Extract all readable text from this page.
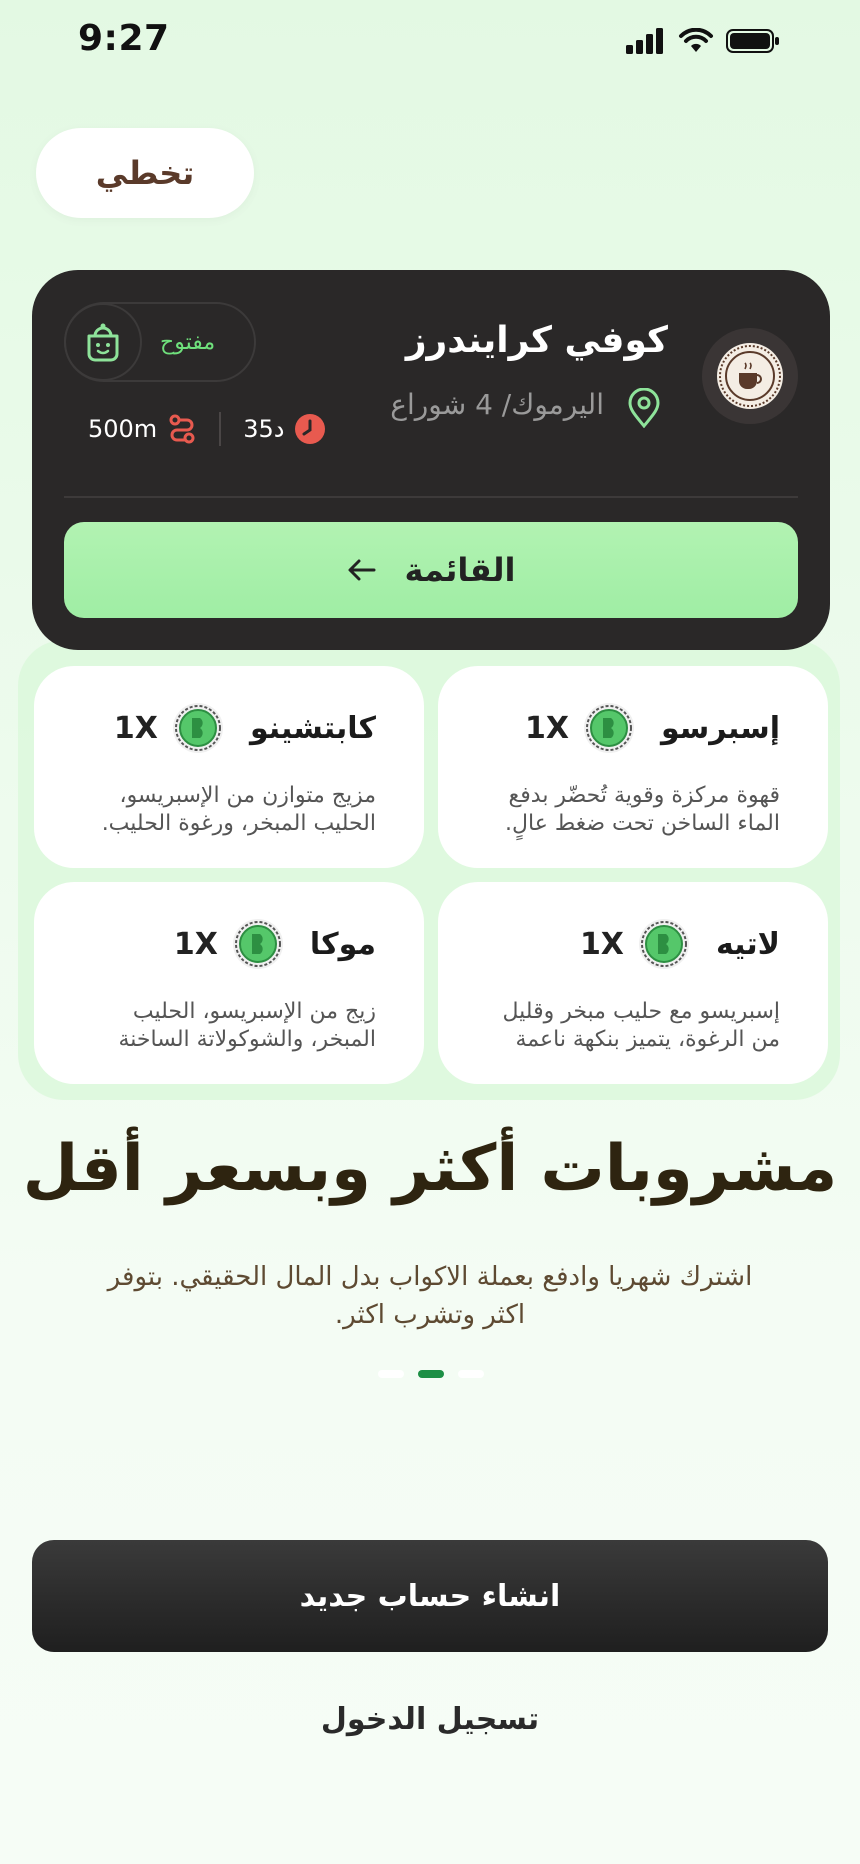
9:27
تخطي
كوفي كرايندرز
اليرموك/ 4 شوراع
مفتوح
500m	35د
القائمة
إسبرسو
1X
قهوة مركزة وقوية تُحضّر بدفع الماء الساخن تحت ضغط عالٍ.
كابتشينو
1X
مزيج متوازن من الإسبريسو، الحليب المبخر، ورغوة الحليب.
لاتيه
1X
إسبريسو مع حليب مبخر وقليل من الرغوة، يتميز بنكهة ناعمة
موكا
1X
زيج من الإسبريسو، الحليب المبخر، والشوكولاتة الساخنة
مشروبات أكثر وبسعر أقل
اشترك شهريا وادفع بعملة الاكواب بدل المال الحقيقي. بتوفر اكثر وتشرب اكثر.
انشاء حساب جديد
تسجيل الدخول
